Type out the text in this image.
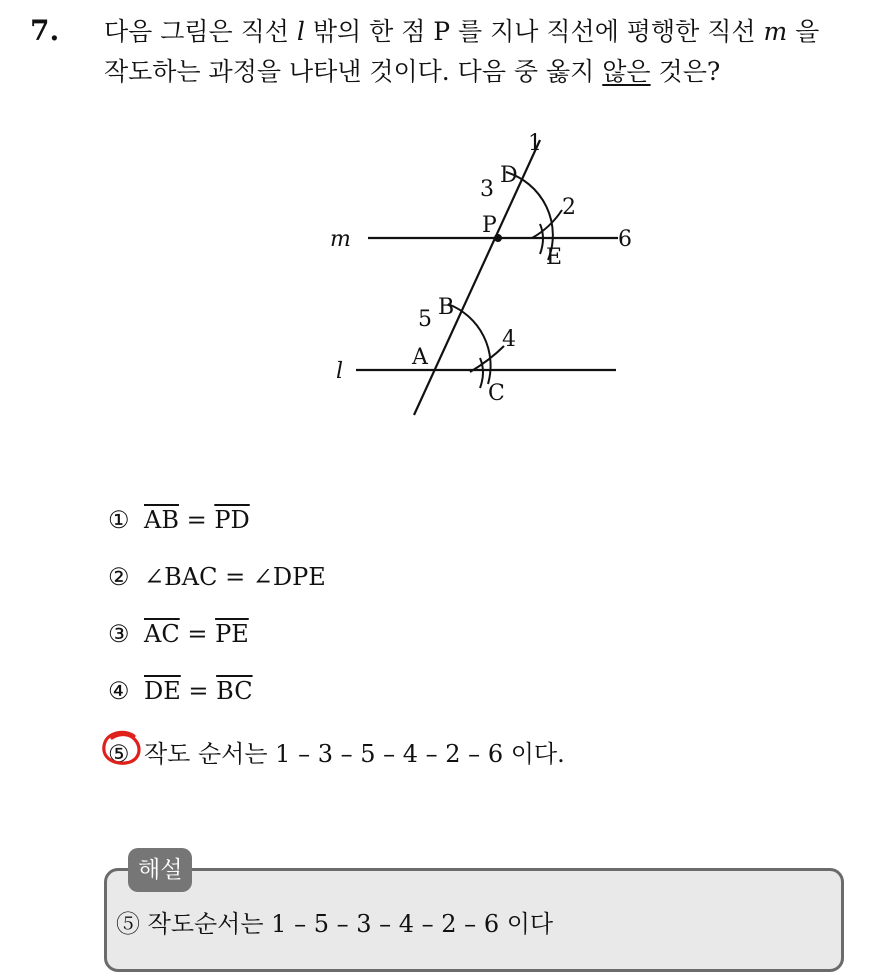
7. 다음 그림은 직선 l 밖의 한 점 P 를 지나 직선에 평행한 직선 m 을
작도하는 과정을 나타낸 것이다. 다음 중 옳지 않은 것은?
1
3
D
2
P
m	6
E
5 B
4
A
l
C
① $\overline{AB} = \overline{PD}$
② ∠BAC = ∠DPE
③ $\overline{AC} = \overline{PE}$
④ $\overline{DE} = \overline{BC}$
⑤ 작도 순서는 1 – 3 – 5 – 4 – 2 – 6 이다.
해설
⑤ 작도순서는 1 – 5 – 3 – 4 – 2 – 6 이다
